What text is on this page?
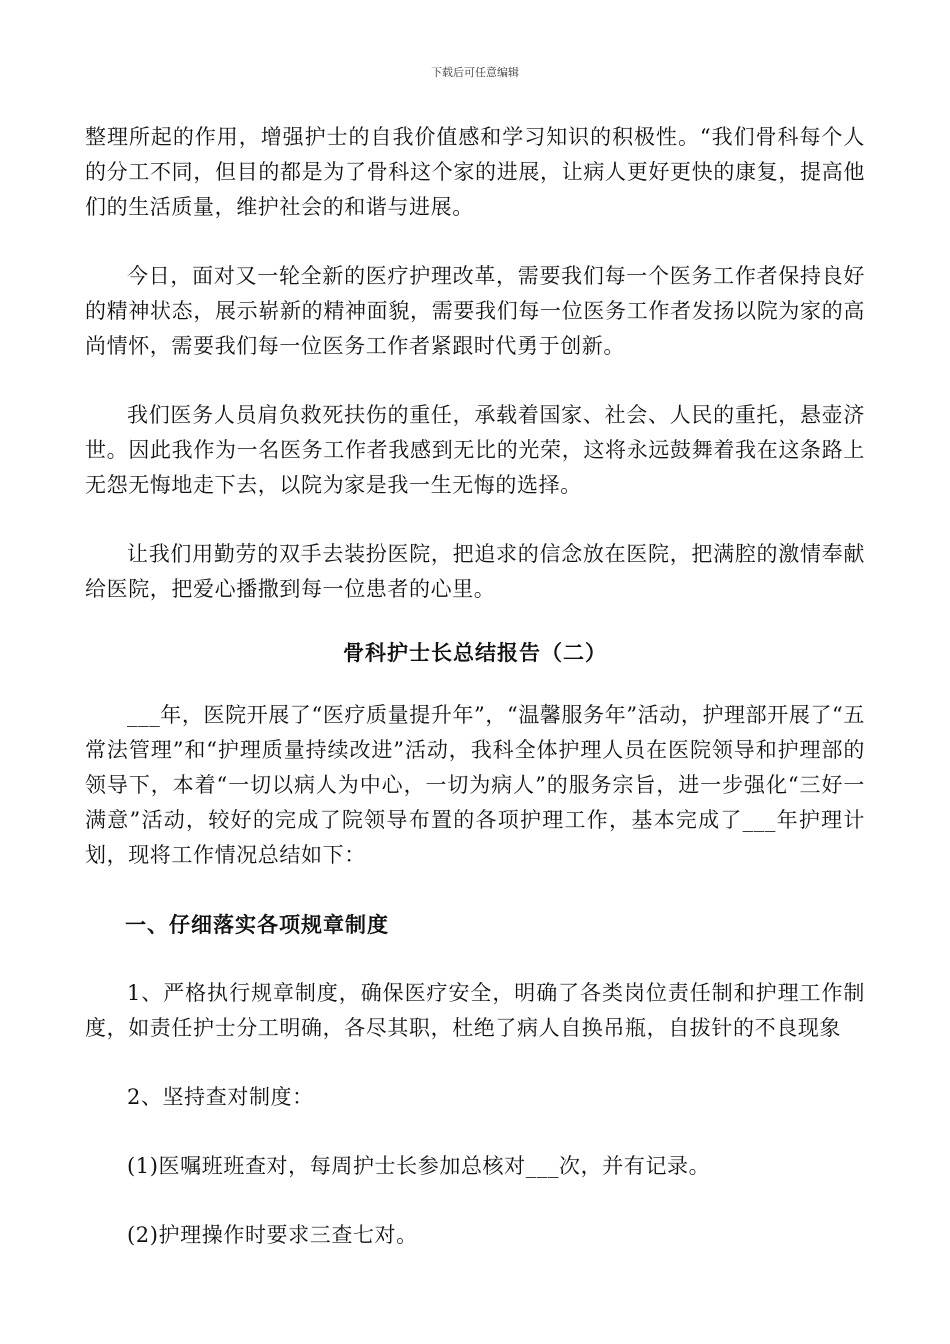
下载后可任意编辑

整理所起的作用，增强护士的自我价值感和学习知识的积极性。“我们骨科每个人的分工不同，但目的都是为了骨科这个家的进展，让病人更好更快的康复，提高他们的生活质量，维护社会的和谐与进展。

今日，面对又一轮全新的医疗护理改革，需要我们每一个医务工作者保持良好的精神状态，展示崭新的精神面貌，需要我们每一位医务工作者发扬以院为家的高尚情怀，需要我们每一位医务工作者紧跟时代勇于创新。

我们医务人员肩负救死扶伤的重任，承载着国家、社会、人民的重托，悬壶济世。因此我作为一名医务工作者我感到无比的光荣，这将永远鼓舞着我在这条路上无怨无悔地走下去，以院为家是我一生无悔的选择。

让我们用勤劳的双手去装扮医院，把追求的信念放在医院，把满腔的激情奉献给医院，把爱心播撒到每一位患者的心里。

骨科护士长总结报告（二）

___年，医院开展了“医疗质量提升年”，“温馨服务年”活动，护理部开展了“五常法管理”和“护理质量持续改进”活动，我科全体护理人员在医院领导和护理部的领导下，本着“一切以病人为中心，一切为病人”的服务宗旨，进一步强化“三好一满意”活动，较好的完成了院领导布置的各项护理工作，基本完成了___年护理计划，现将工作情况总结如下：

一、仔细落实各项规章制度

1、严格执行规章制度，确保医疗安全，明确了各类岗位责任制和护理工作制度，如责任护士分工明确，各尽其职，杜绝了病人自换吊瓶，自拔针的不良现象

2、坚持查对制度：

(1)医嘱班班查对，每周护士长参加总核对___次，并有记录。

(2)护理操作时要求三查七对。
